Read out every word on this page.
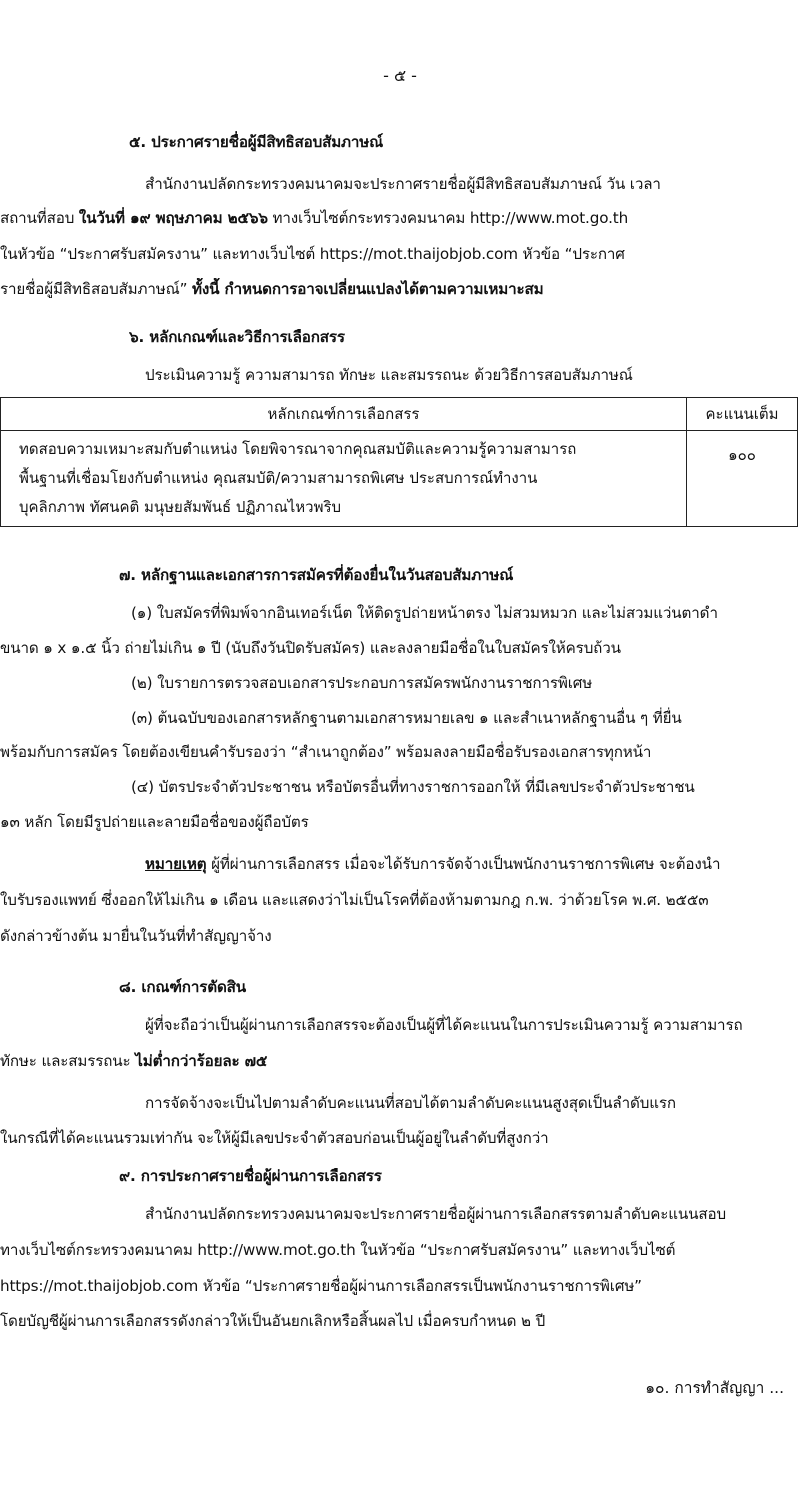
- ๕ -
๕. ประกาศรายชื่อผู้มีสิทธิสอบสัมภาษณ์
สำนักงานปลัดกระทรวงคมนาคมจะประกาศรายชื่อผู้มีสิทธิสอบสัมภาษณ์ วัน เวลา
สถานที่สอบ ในวันที่ ๑๙ พฤษภาคม ๒๕๖๖ ทางเว็บไซต์กระทรวงคมนาคม http://www.mot.go.th
ในหัวข้อ “ประกาศรับสมัครงาน” และทางเว็บไซต์ https://mot.thaijobjob.com หัวข้อ “ประกาศ
รายชื่อผู้มีสิทธิสอบสัมภาษณ์” ทั้งนี้ กำหนดการอาจเปลี่ยนแปลงได้ตามความเหมาะสม
๖. หลักเกณฑ์และวิธีการเลือกสรร
ประเมินความรู้ ความสามารถ ทักษะ และสมรรถนะ ด้วยวิธีการสอบสัมภาษณ์
หลักเกณฑ์การเลือกสรร	คะแนนเต็ม

ทดสอบความเหมาะสมกับตำแหน่ง โดยพิจารณาจากคุณสมบัติและความรู้ความสามารถ
พื้นฐานที่เชื่อมโยงกับตำแหน่ง คุณสมบัติ/ความสามารถพิเศษ ประสบการณ์ทำงาน
บุคลิกภาพ ทัศนคติ มนุษยสัมพันธ์ ปฏิภาณไหวพริบ	๑๐๐
๗. หลักฐานและเอกสารการสมัครที่ต้องยื่นในวันสอบสัมภาษณ์
(๑) ใบสมัครที่พิมพ์จากอินเทอร์เน็ต ให้ติดรูปถ่ายหน้าตรง ไม่สวมหมวก และไม่สวมแว่นตาดำ
ขนาด ๑ x ๑.๕ นิ้ว ถ่ายไม่เกิน ๑ ปี (นับถึงวันปิดรับสมัคร) และลงลายมือชื่อในใบสมัครให้ครบถ้วน
(๒) ใบรายการตรวจสอบเอกสารประกอบการสมัครพนักงานราชการพิเศษ
(๓) ต้นฉบับของเอกสารหลักฐานตามเอกสารหมายเลข ๑ และสำเนาหลักฐานอื่น ๆ ที่ยื่น
พร้อมกับการสมัคร โดยต้องเขียนคำรับรองว่า “สำเนาถูกต้อง” พร้อมลงลายมือชื่อรับรองเอกสารทุกหน้า
(๔) บัตรประจำตัวประชาชน หรือบัตรอื่นที่ทางราชการออกให้ ที่มีเลขประจำตัวประชาชน
๑๓ หลัก โดยมีรูปถ่ายและลายมือชื่อของผู้ถือบัตร
หมายเหตุ ผู้ที่ผ่านการเลือกสรร เมื่อจะได้รับการจัดจ้างเป็นพนักงานราชการพิเศษ จะต้องนำ
ใบรับรองแพทย์ ซึ่งออกให้ไม่เกิน ๑ เดือน และแสดงว่าไม่เป็นโรคที่ต้องห้ามตามกฎ ก.พ. ว่าด้วยโรค พ.ศ. ๒๕๕๓
ดังกล่าวข้างต้น มายื่นในวันที่ทำสัญญาจ้าง
๘. เกณฑ์การตัดสิน
ผู้ที่จะถือว่าเป็นผู้ผ่านการเลือกสรรจะต้องเป็นผู้ที่ได้คะแนนในการประเมินความรู้ ความสามารถ
ทักษะ และสมรรถนะ ไม่ต่ำกว่าร้อยละ ๗๕
การจัดจ้างจะเป็นไปตามลำดับคะแนนที่สอบได้ตามลำดับคะแนนสูงสุดเป็นลำดับแรก
ในกรณีที่ได้คะแนนรวมเท่ากัน จะให้ผู้มีเลขประจำตัวสอบก่อนเป็นผู้อยู่ในลำดับที่สูงกว่า
๙. การประกาศรายชื่อผู้ผ่านการเลือกสรร
สำนักงานปลัดกระทรวงคมนาคมจะประกาศรายชื่อผู้ผ่านการเลือกสรรตามลำดับคะแนนสอบ
ทางเว็บไซต์กระทรวงคมนาคม http://www.mot.go.th ในหัวข้อ “ประกาศรับสมัครงาน” และทางเว็บไซต์
https://mot.thaijobjob.com หัวข้อ “ประกาศรายชื่อผู้ผ่านการเลือกสรรเป็นพนักงานราชการพิเศษ”
โดยบัญชีผู้ผ่านการเลือกสรรดังกล่าวให้เป็นอันยกเลิกหรือสิ้นผลไป เมื่อครบกำหนด ๒ ปี
๑๐. การทำสัญญา ...
